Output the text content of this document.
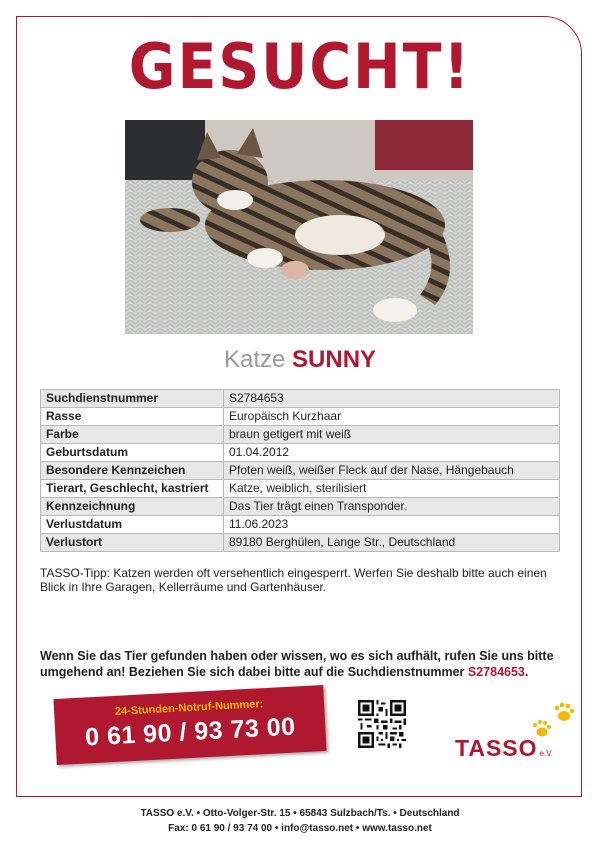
GESUCHT!
Katze SUNNY
Suchdienstnummer	S2784653
Rasse	Europäisch Kurzhaar
Farbe	braun getigert mit weiß
Geburtsdatum	01.04.2012
Besondere Kennzeichen	Pfoten weiß, weißer Fleck auf der Nase, Hängebauch
Tierart, Geschlecht, kastriert	Katze, weiblich, sterilisiert
Kennzeichnung	Das Tier trägt einen Transponder.
Verlustdatum	11.06.2023
Verlustort	89180 Berghülen, Lange Str., Deutschland
TASSO-Tipp: Katzen werden oft versehentlich eingesperrt. Werfen Sie deshalb bitte auch einen Blick in Ihre Garagen, Kellerräume und Gartenhäuser.
Wenn Sie das Tier gefunden haben oder wissen, wo es sich aufhält, rufen Sie uns bitte umgehend an! Beziehen Sie sich dabei bitte auf die Suchdienstnummer S2784653.
24-Stunden-Notruf-Nummer:
0 61 90 / 93 73 00	TASSO e.V.
TASSO e.V. • Otto-Volger-Str. 15 • 65843 Sulzbach/Ts. • Deutschland
Fax: 0 61 90 / 93 74 00 • info@tasso.net • www.tasso.net
